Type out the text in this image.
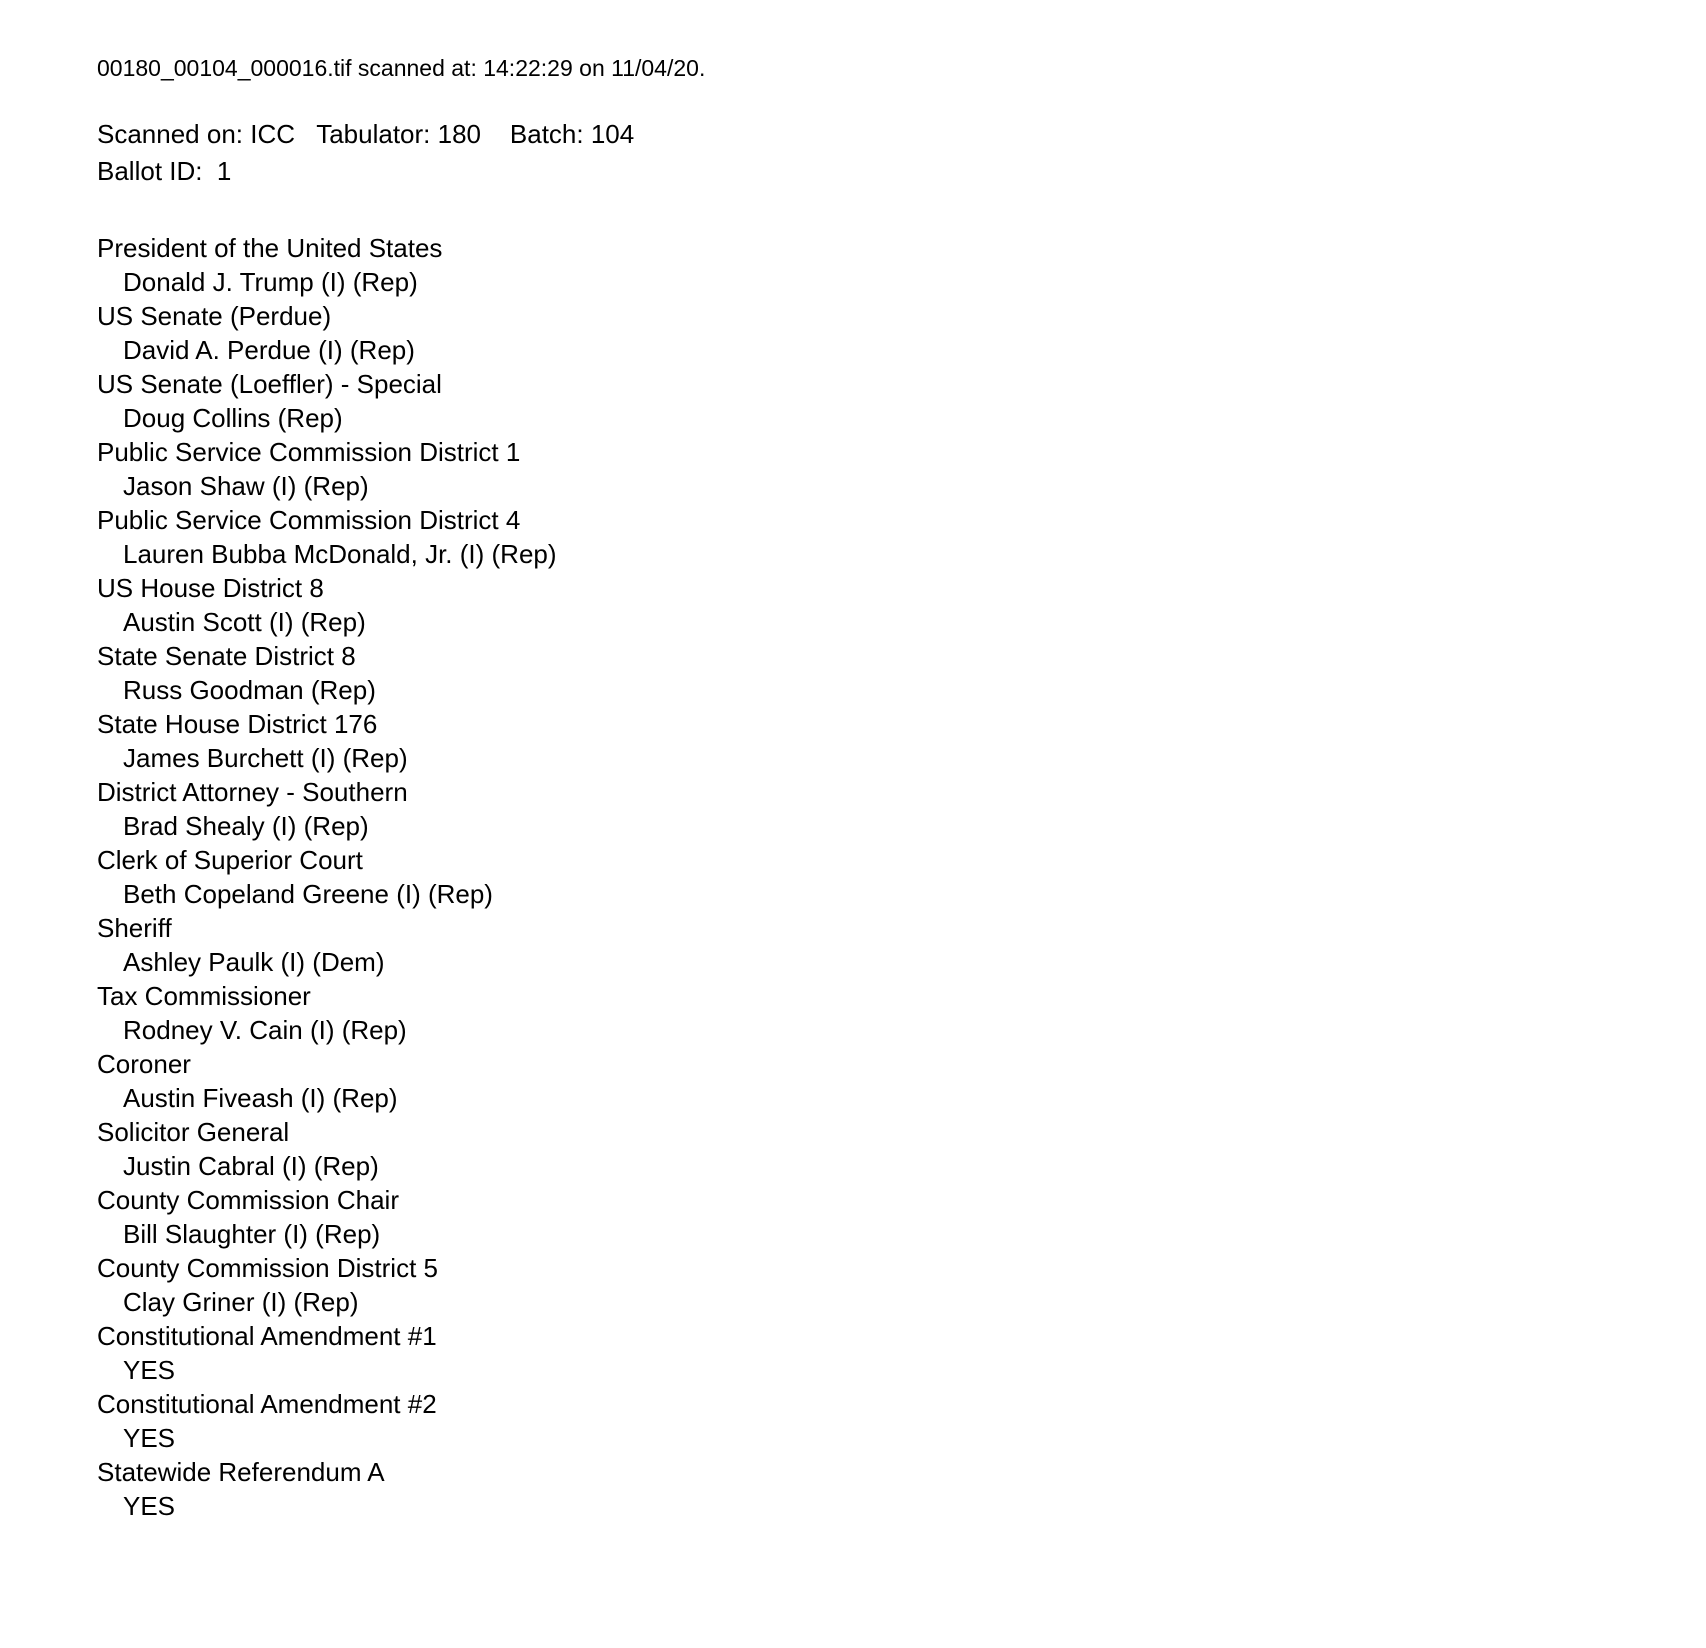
00180_00104_000016.tif scanned at: 14:22:29 on 11/04/20.

Scanned on: ICC   Tabulator: 180    Batch: 104

Ballot ID:  1

President of the United States
Donald J. Trump (I) (Rep)
US Senate (Perdue)
David A. Perdue (I) (Rep)
US Senate (Loeffler) - Special
Doug Collins (Rep)
Public Service Commission District 1
Jason Shaw (I) (Rep)
Public Service Commission District 4
Lauren Bubba McDonald, Jr. (I) (Rep)
US House District 8
Austin Scott (I) (Rep)
State Senate District 8
Russ Goodman (Rep)
State House District 176
James Burchett (I) (Rep)
District Attorney - Southern
Brad Shealy (I) (Rep)
Clerk of Superior Court
Beth Copeland Greene (I) (Rep)
Sheriff
Ashley Paulk (I) (Dem)
Tax Commissioner
Rodney V. Cain (I) (Rep)
Coroner
Austin Fiveash (I) (Rep)
Solicitor General
Justin Cabral (I) (Rep)
County Commission Chair
Bill Slaughter (I) (Rep)
County Commission District 5
Clay Griner (I) (Rep)
Constitutional Amendment #1
YES
Constitutional Amendment #2
YES
Statewide Referendum A
YES
